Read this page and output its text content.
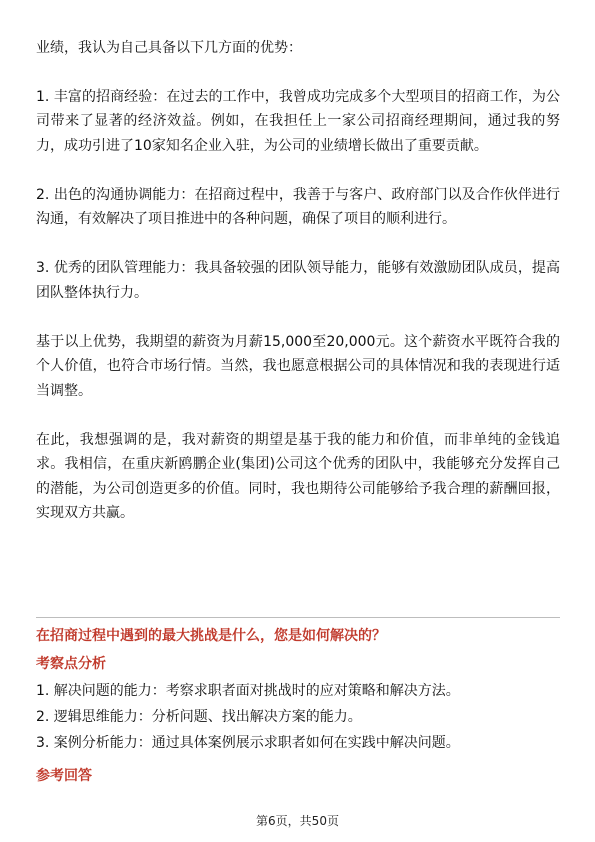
业绩，我认为自己具备以下几方面的优势：

1. 丰富的招商经验：在过去的工作中，我曾成功完成多个大型项目的招商工作，为公司带来了显著的经济效益。例如，在我担任上一家公司招商经理期间，通过我的努力，成功引进了10家知名企业入驻，为公司的业绩增长做出了重要贡献。

2. 出色的沟通协调能力：在招商过程中，我善于与客户、政府部门以及合作伙伴进行沟通，有效解决了项目推进中的各种问题，确保了项目的顺利进行。

3. 优秀的团队管理能力：我具备较强的团队领导能力，能够有效激励团队成员，提高团队整体执行力。

基于以上优势，我期望的薪资为月薪15,000至20,000元。这个薪资水平既符合我的个人价值，也符合市场行情。当然，我也愿意根据公司的具体情况和我的表现进行适当调整。

在此，我想强调的是，我对薪资的期望是基于我的能力和价值，而非单纯的金钱追求。我相信，在重庆新鸥鹏企业(集团)公司这个优秀的团队中，我能够充分发挥自己的潜能，为公司创造更多的价值。同时，我也期待公司能够给予我合理的薪酬回报，实现双方共赢。

在招商过程中遇到的最大挑战是什么，您是如何解决的？

考察点分析

1. 解决问题的能力：考察求职者面对挑战时的应对策略和解决方法。

2. 逻辑思维能力：分析问题、找出解决方案的能力。

3. 案例分析能力：通过具体案例展示求职者如何在实践中解决问题。

参考回答

第6页，共50页
